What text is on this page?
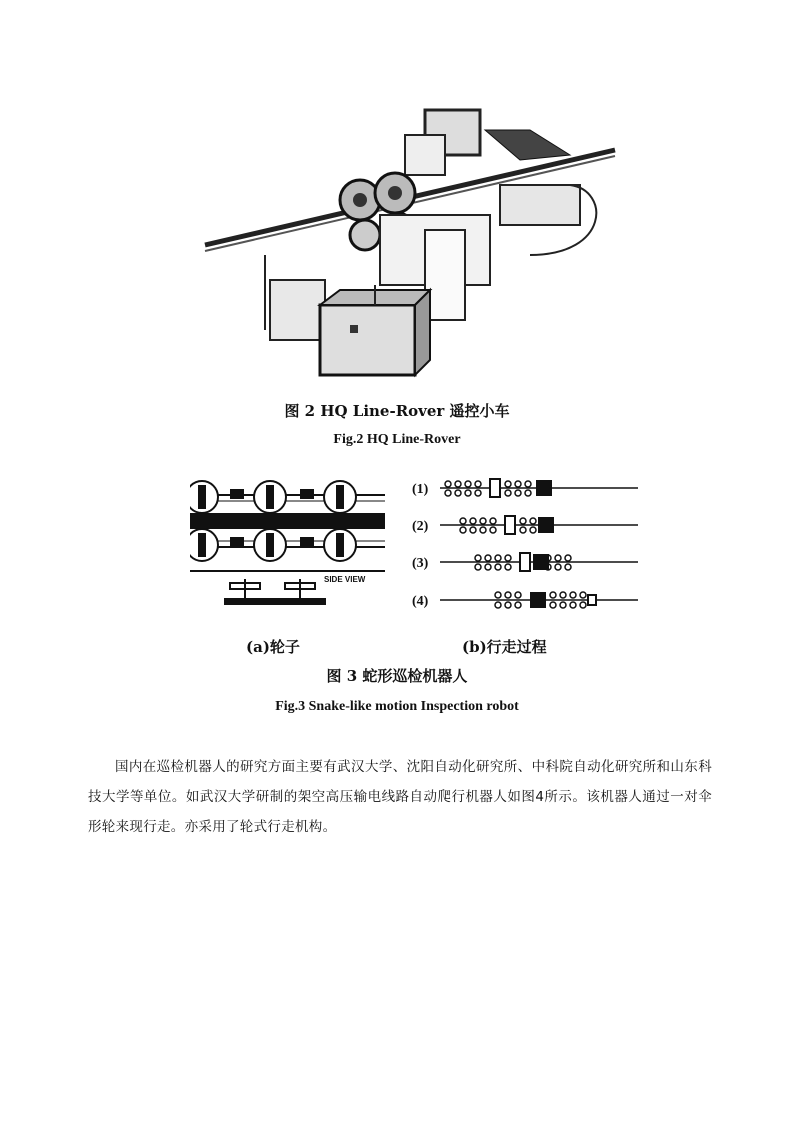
图 2 HQ Line-Rover 遥控小车
Fig.2 HQ Line-Rover
SIDE VIEW
(1)
(2)
(3)
(4)
(a)轮子	(b)行走过程
图 3 蛇形巡检机器人
Fig.3 Snake-like motion Inspection robot

国内在巡检机器人的研究方面主要有武汉大学、沈阳自动化研究所、中科院自动化研究所和山东科技大学等单位。如武汉大学研制的架空高压输电线路自动爬行机器人如图4所示。该机器人通过一对伞形轮来现行走。亦采用了轮式行走机构。
